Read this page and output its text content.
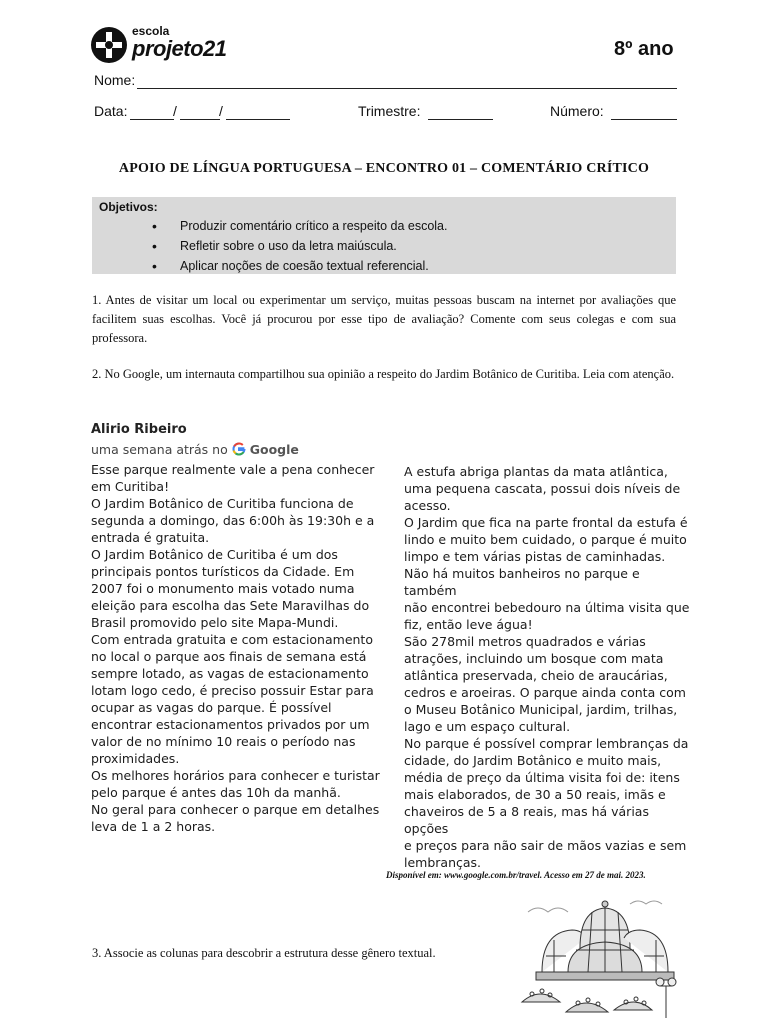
escola
projeto21	8º ano
Nome:
Data:	/	/	Trimestre:	Número:
APOIO DE LÍNGUA PORTUGUESA – ENCONTRO 01 – COMENTÁRIO CRÍTICO
Objetivos:
• Produzir comentário crítico a respeito da escola.
• Refletir sobre o uso da letra maiúscula.
• Aplicar noções de coesão textual referencial.
1. Antes de visitar um local ou experimentar um serviço, muitas pessoas buscam na internet por avaliações que facilitem suas escolhas. Você já procurou por esse tipo de avaliação? Comente com seus colegas e com sua professora.
2. No Google, um internauta compartilhou sua opinião a respeito do Jardim Botânico de Curitiba. Leia com atenção.
Alirio Ribeiro
uma semana atrás no Google
Esse parque realmente vale a pena conhecer
em Curitiba!
O Jardim Botânico de Curitiba funciona de
segunda a domingo, das 6:00h às 19:30h e a
entrada é gratuita.
O Jardim Botânico de Curitiba é um dos
principais pontos turísticos da Cidade. Em
2007 foi o monumento mais votado numa
eleição para escolha das Sete Maravilhas do
Brasil promovido pelo site Mapa-Mundi.
Com entrada gratuita e com estacionamento
no local o parque aos finais de semana está
sempre lotado, as vagas de estacionamento
lotam logo cedo, é preciso possuir Estar para
ocupar as vagas do parque. É possível
encontrar estacionamentos privados por um
valor de no mínimo 10 reais o período nas
proximidades.
Os melhores horários para conhecer e turistar
pelo parque é antes das 10h da manhã.
No geral para conhecer o parque em detalhes
leva de 1 a 2 horas.
A estufa abriga plantas da mata atlântica,
uma pequena cascata, possui dois níveis de
acesso.
O Jardim que fica na parte frontal da estufa é
lindo e muito bem cuidado, o parque é muito
limpo e tem várias pistas de caminhadas.
Não há muitos banheiros no parque e também
não encontrei bebedouro na última visita que
fiz, então leve água!
São 278mil metros quadrados e várias
atrações, incluindo um bosque com mata
atlântica preservada, cheio de araucárias,
cedros e aroeiras. O parque ainda conta com
o Museu Botânico Municipal, jardim, trilhas,
lago e um espaço cultural.
No parque é possível comprar lembranças da
cidade, do Jardim Botânico e muito mais,
média de preço da última visita foi de: itens
mais elaborados, de 30 a 50 reais, imãs e
chaveiros de 5 a 8 reais, mas há várias opções
e preços para não sair de mãos vazias e sem
lembranças.
Disponível em: www.google.com.br/travel. Acesso em 27 de mai. 2023.
3. Associe as colunas para descobrir a estrutura desse gênero textual.
